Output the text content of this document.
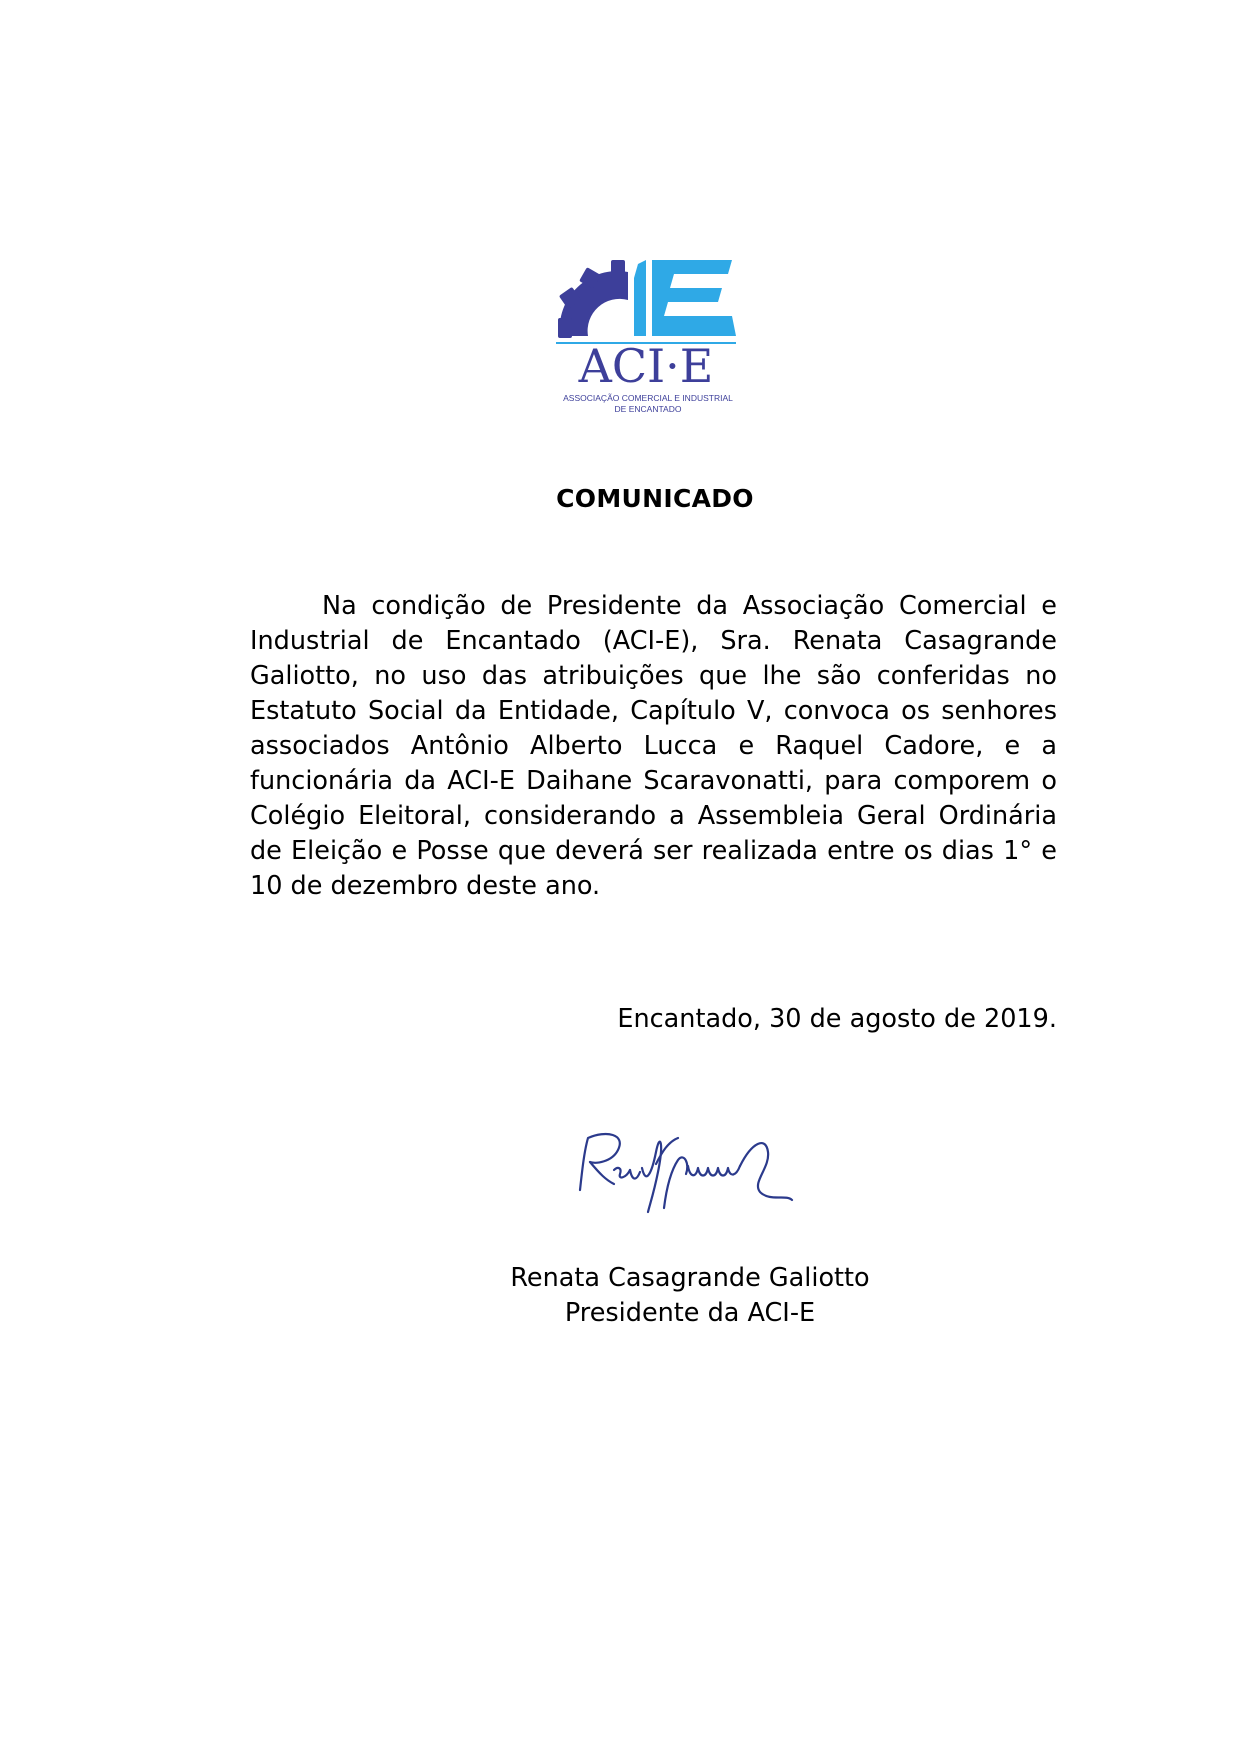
ACI·E
ASSOCIAÇÃO COMERCIAL E INDUSTRIAL
DE ENCANTADO
COMUNICADO

Na condição de Presidente da Associação Comercial e Industrial de Encantado (ACI-E), Sra. Renata Casagrande Galiotto, no uso das atribuições que lhe são conferidas no Estatuto Social da Entidade, Capítulo V, convoca os senhores associados Antônio Alberto Lucca e Raquel Cadore, e a funcionária da ACI-E Daihane Scaravonatti, para comporem o Colégio Eleitoral, considerando a Assembleia Geral Ordinária de Eleição e Posse que deverá ser realizada entre os dias 1° e 10 de dezembro deste ano.

Encantado, 30 de agosto de 2019.
Renata Casagrande Galiotto
Presidente da ACI-E
